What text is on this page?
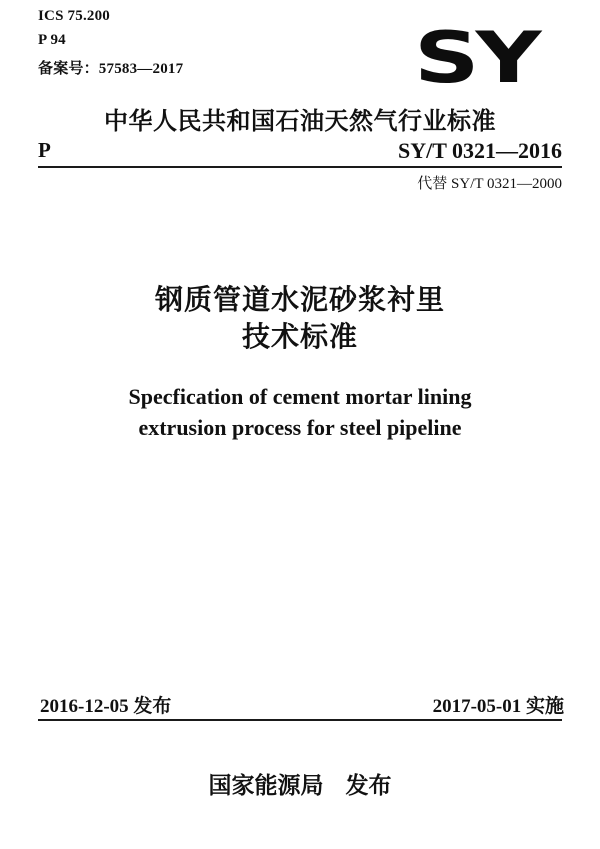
ICS 75.200
P 94
备案号：57583—2017	SY
中华人民共和国石油天然气行业标准
P	SY/T 0321—2016
代替 SY/T 0321—2000
钢质管道水泥砂浆衬里
技术标准
Specfication of cement mortar lining
extrusion process for steel pipeline
2016-12-05 发布	2017-05-01 实施
国家能源局 发布
